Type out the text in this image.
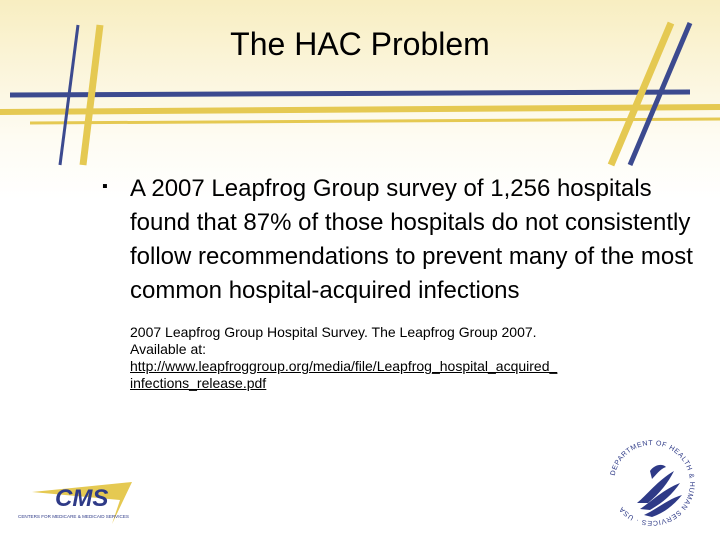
The HAC Problem
▪ A 2007 Leapfrog Group survey of 1,256 hospitals found that 87% of those hospitals do not consistently follow recommendations to prevent many of the most common hospital-acquired infections
2007 Leapfrog Group Hospital Survey. The Leapfrog Group 2007.
Available at:
http://www.leapfroggroup.org/media/file/Leapfrog_hospital_acquired_
infections_release.pdf
CMS
CENTERS FOR MEDICARE & MEDICAID SERVICES
DEPARTMENT OF HEALTH & HUMAN SERVICES · USA
